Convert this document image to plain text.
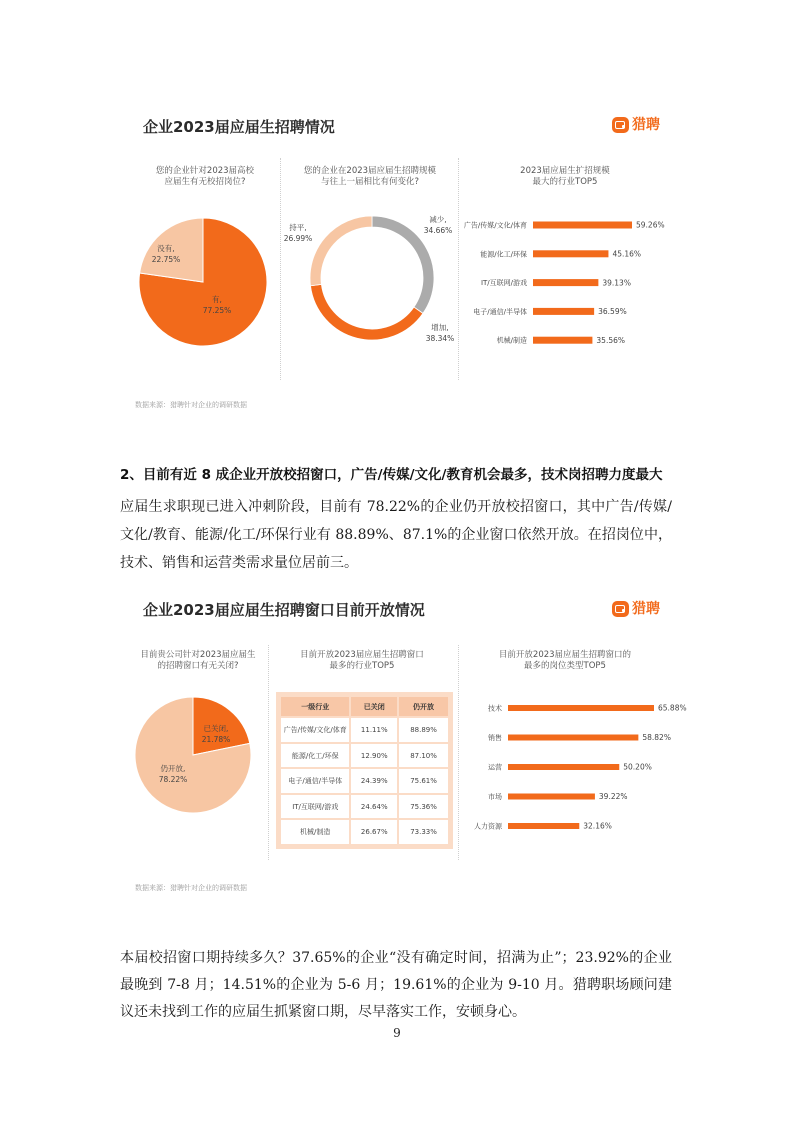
企业2023届应届生招聘情况	猎聘
您的企业针对2023届高校
应届生有无校招岗位?
没有,
22.75%
有,
77.25%
您的企业在2023届应届生招聘规模
与往上一届相比有何变化?
减少,
34.66%
增加,
38.34%
持平,
26.99%
2023届应届生扩招规模
最大的行业TOP5
广告/传媒/文化/体育	59.26%
能源/化工/环保	45.16%
IT/互联网/游戏	39.13%
电子/通信/半导体	36.59%
机械/制造	35.56%
数据来源：猎聘针对企业的调研数据
2、目前有近 8 成企业开放校招窗口，广告/传媒/文化/教育机会最多，技术岗招聘力度最大

应届生求职现已进入冲刺阶段，目前有 78.22%的企业仍开放校招窗口，其中广告/传媒/文化/教育、能源/化工/环保行业有 88.89%、87.1%的企业窗口依然开放。在招岗位中，技术、销售和运营类需求量位居前三。

企业2023届应届生招聘窗口目前开放情况	猎聘
目前贵公司针对2023届应届生
的招聘窗口有无关闭?
已关闭,
21.78%
仍开放,
78.22%
目前开放2023届应届生招聘窗口
最多的行业TOP5
一级行业	已关闭	仍开放
广告/传媒/文化/体育	11.11%	88.89%
能源/化工/环保	12.90%	87.10%
电子/通信/半导体	24.39%	75.61%
IT/互联网/游戏	24.64%	75.36%
机械/制造	26.67%	73.33%
目前开放2023届应届生招聘窗口的
最多的岗位类型TOP5
技术	65.88%
销售	58.82%
运营	50.20%
市场	39.22%
人力资源	32.16%
数据来源：猎聘针对企业的调研数据

本届校招窗口期持续多久？37.65%的企业“没有确定时间，招满为止”；23.92%的企业最晚到 7-8 月；14.51%的企业为 5-6 月；19.61%的企业为 9-10 月。猎聘职场顾问建议还未找到工作的应届生抓紧窗口期，尽早落实工作，安顿身心。

9
